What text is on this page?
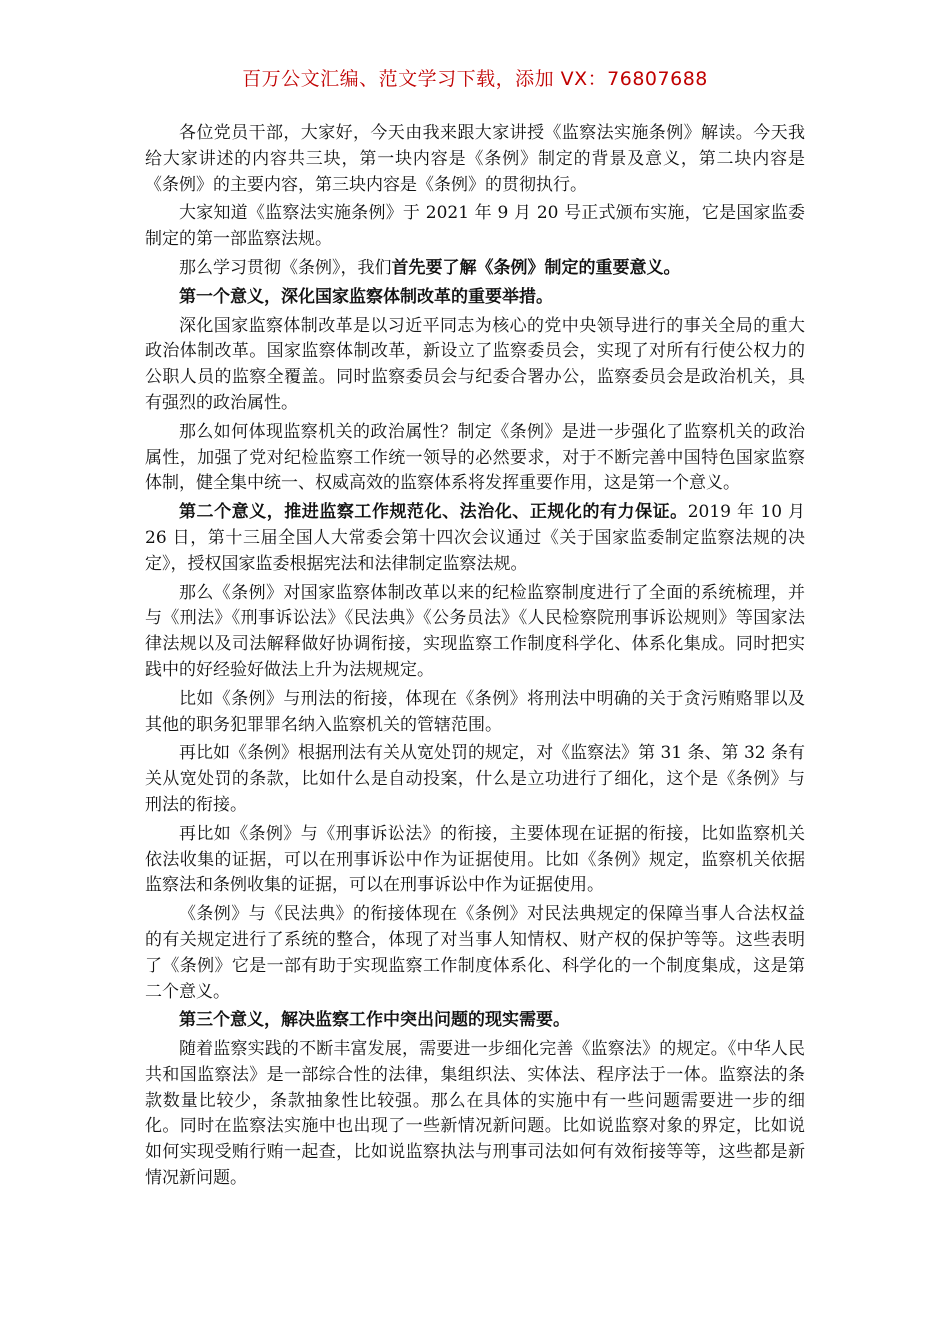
百万公文汇编、范文学习下载，添加 VX：76807688

各位党员干部，大家好，今天由我来跟大家讲授《监察法实施条例》解读。今天我给大家讲述的内容共三块，第一块内容是《条例》制定的背景及意义，第二块内容是《条例》的主要内容，第三块内容是《条例》的贯彻执行。

大家知道《监察法实施条例》于 2021 年 9 月 20 号正式颁布实施，它是国家监委制定的第一部监察法规。

那么学习贯彻《条例》，我们首先要了解《条例》制定的重要意义。

第一个意义，深化国家监察体制改革的重要举措。

深化国家监察体制改革是以习近平同志为核心的党中央领导进行的事关全局的重大政治体制改革。国家监察体制改革，新设立了监察委员会，实现了对所有行使公权力的公职人员的监察全覆盖。同时监察委员会与纪委合署办公，监察委员会是政治机关，具有强烈的政治属性。

那么如何体现监察机关的政治属性？制定《条例》是进一步强化了监察机关的政治属性，加强了党对纪检监察工作统一领导的必然要求，对于不断完善中国特色国家监察体制，健全集中统一、权威高效的监察体系将发挥重要作用，这是第一个意义。

第二个意义，推进监察工作规范化、法治化、正规化的有力保证。2019 年 10 月 26 日，第十三届全国人大常委会第十四次会议通过《关于国家监委制定监察法规的决定》，授权国家监委根据宪法和法律制定监察法规。

那么《条例》对国家监察体制改革以来的纪检监察制度进行了全面的系统梳理，并与《刑法》《刑事诉讼法》《民法典》《公务员法》《人民检察院刑事诉讼规则》等国家法律法规以及司法解释做好协调衔接，实现监察工作制度科学化、体系化集成。同时把实践中的好经验好做法上升为法规规定。

比如《条例》与刑法的衔接，体现在《条例》将刑法中明确的关于贪污贿赂罪以及其他的职务犯罪罪名纳入监察机关的管辖范围。

再比如《条例》根据刑法有关从宽处罚的规定，对《监察法》第 31 条、第 32 条有关从宽处罚的条款，比如什么是自动投案，什么是立功进行了细化，这个是《条例》与刑法的衔接。

再比如《条例》与《刑事诉讼法》的衔接，主要体现在证据的衔接，比如监察机关依法收集的证据，可以在刑事诉讼中作为证据使用。比如《条例》规定，监察机关依据监察法和条例收集的证据，可以在刑事诉讼中作为证据使用。

《条例》与《民法典》的衔接体现在《条例》对民法典规定的保障当事人合法权益的有关规定进行了系统的整合，体现了对当事人知情权、财产权的保护等等。这些表明了《条例》它是一部有助于实现监察工作制度体系化、科学化的一个制度集成，这是第二个意义。

第三个意义，解决监察工作中突出问题的现实需要。

随着监察实践的不断丰富发展，需要进一步细化完善《监察法》的规定。《中华人民共和国监察法》是一部综合性的法律，集组织法、实体法、程序法于一体。监察法的条款数量比较少，条款抽象性比较强。那么在具体的实施中有一些问题需要进一步的细化。同时在监察法实施中也出现了一些新情况新问题。比如说监察对象的界定，比如说如何实现受贿行贿一起查，比如说监察执法与刑事司法如何有效衔接等等，这些都是新情况新问题。
